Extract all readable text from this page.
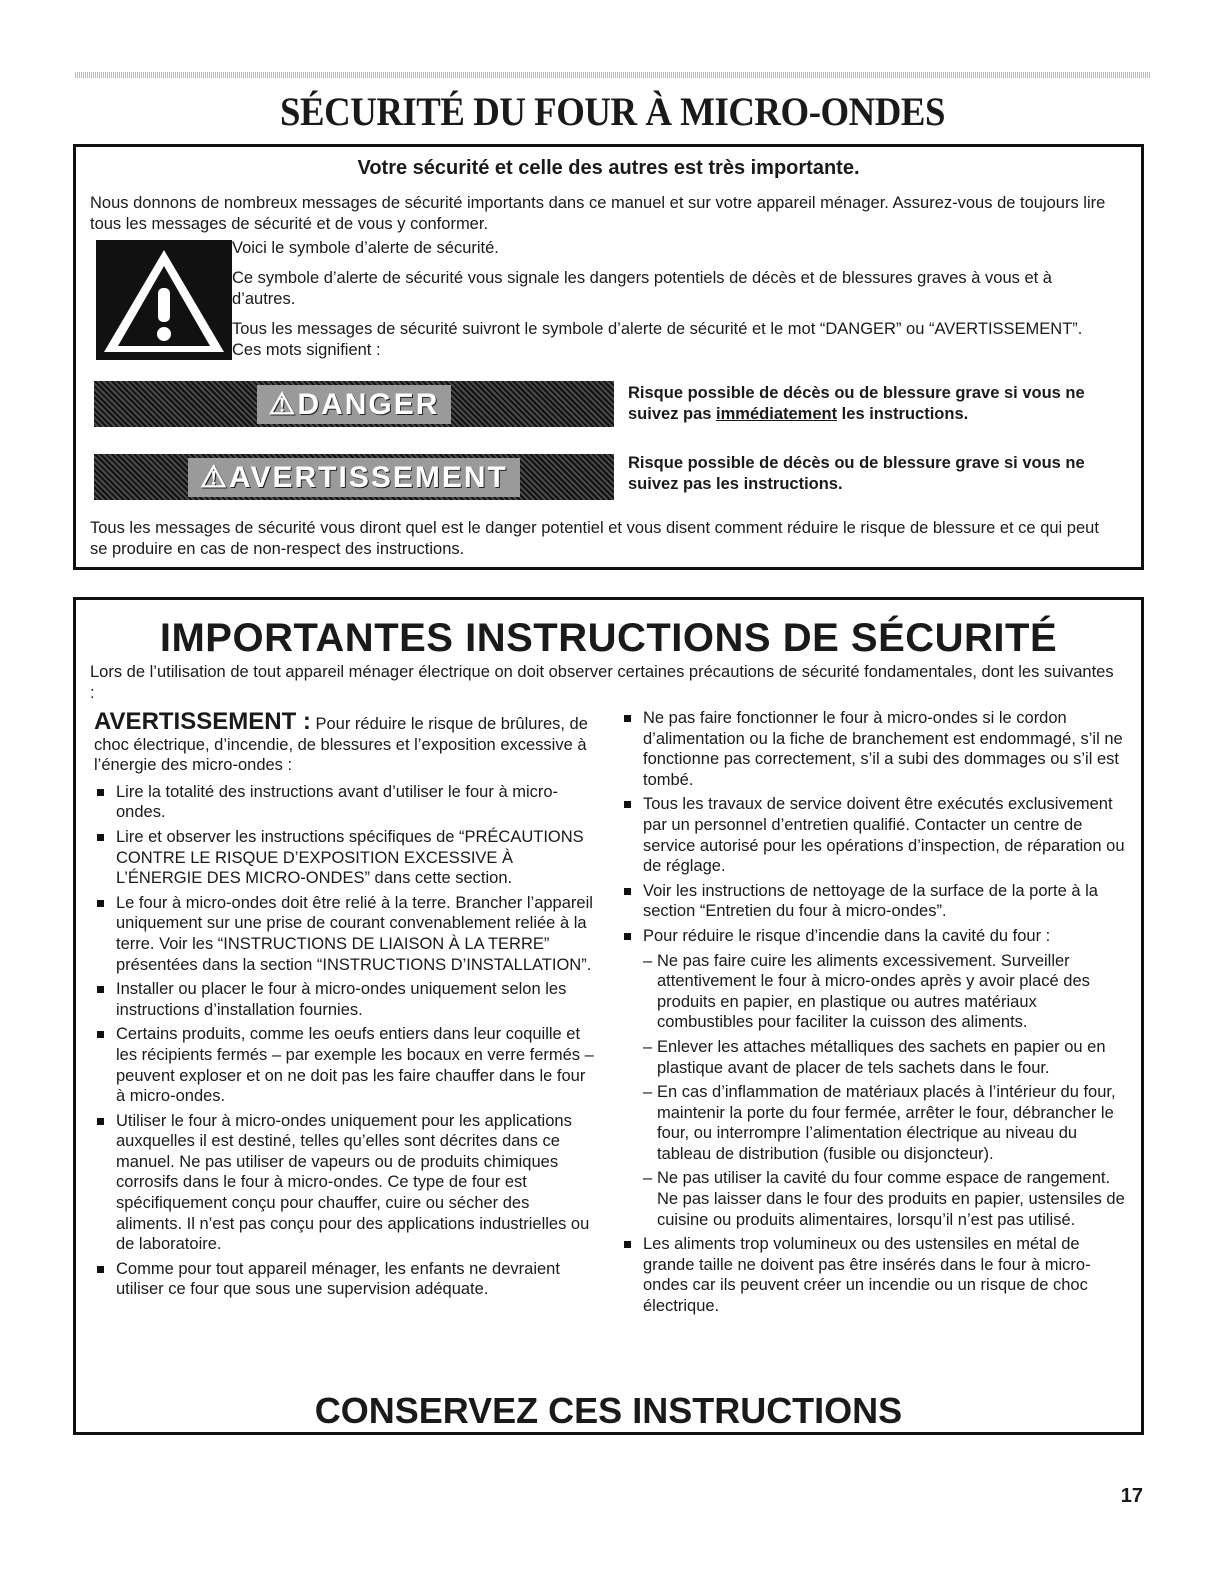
SÉCURITÉ DU FOUR À MICRO-ONDES
Votre sécurité et celle des autres est très importante.
Nous donnons de nombreux messages de sécurité importants dans ce manuel et sur votre appareil ménager. Assurez-vous de toujours lire tous les messages de sécurité et de vous y conformer.
Voici le symbole d’alerte de sécurité.
Ce symbole d’alerte de sécurité vous signale les dangers potentiels de décès et de blessures graves à vous et à d’autres.
Tous les messages de sécurité suivront le symbole d’alerte de sécurité et le mot “DANGER” ou “AVERTISSEMENT”. Ces mots signifient :
⚠DANGER	Risque possible de décès ou de blessure grave si vous ne suivez pas immédiatement les instructions.
⚠AVERTISSEMENT	Risque possible de décès ou de blessure grave si vous ne suivez pas les instructions.
Tous les messages de sécurité vous diront quel est le danger potentiel et vous disent comment réduire le risque de blessure et ce qui peut se produire en cas de non-respect des instructions.
IMPORTANTES INSTRUCTIONS DE SÉCURITÉ
Lors de l’utilisation de tout appareil ménager électrique on doit observer certaines précautions de sécurité fondamentales, dont les suivantes :
AVERTISSEMENT : Pour réduire le risque de brûlures, de choc électrique, d’incendie, de blessures et l’exposition excessive à l’énergie des micro-ondes :
Lire la totalité des instructions avant d’utiliser le four à micro-ondes.
Lire et observer les instructions spécifiques de “PRÉCAUTIONS CONTRE LE RISQUE D’EXPOSITION EXCESSIVE À L’ÉNERGIE DES MICRO-ONDES” dans cette section.
Le four à micro-ondes doit être relié à la terre. Brancher l’appareil uniquement sur une prise de courant convenablement reliée à la terre. Voir les “INSTRUCTIONS DE LIAISON À LA TERRE” présentées dans la section “INSTRUCTIONS D’INSTALLATION”.
Installer ou placer le four à micro-ondes uniquement selon les instructions d’installation fournies.
Certains produits, comme les oeufs entiers dans leur coquille et les récipients fermés – par exemple les bocaux en verre fermés – peuvent exploser et on ne doit pas les faire chauffer dans le four à micro-ondes.
Utiliser le four à micro-ondes uniquement pour les applications auxquelles il est destiné, telles qu’elles sont décrites dans ce manuel. Ne pas utiliser de vapeurs ou de produits chimiques corrosifs dans le four à micro-ondes. Ce type de four est spécifiquement conçu pour chauffer, cuire ou sécher des aliments. Il n’est pas conçu pour des applications industrielles ou de laboratoire.
Comme pour tout appareil ménager, les enfants ne devraient utiliser ce four que sous une supervision adéquate.
Ne pas faire fonctionner le four à micro-ondes si le cordon d’alimentation ou la fiche de branchement est endommagé, s’il ne fonctionne pas correctement, s’il a subi des dommages ou s’il est tombé.
Tous les travaux de service doivent être exécutés exclusivement par un personnel d’entretien qualifié. Contacter un centre de service autorisé pour les opérations d’inspection, de réparation ou de réglage.
Voir les instructions de nettoyage de la surface de la porte à la section “Entretien du four à micro-ondes”.
Pour réduire le risque d’incendie dans la cavité du four :
– Ne pas faire cuire les aliments excessivement. Surveiller attentivement le four à micro-ondes après y avoir placé des produits en papier, en plastique ou autres matériaux combustibles pour faciliter la cuisson des aliments.
– Enlever les attaches métalliques des sachets en papier ou en plastique avant de placer de tels sachets dans le four.
– En cas d’inflammation de matériaux placés à l’intérieur du four, maintenir la porte du four fermée, arrêter le four, débrancher le four, ou interrompre l’alimentation électrique au niveau du tableau de distribution (fusible ou disjoncteur).
– Ne pas utiliser la cavité du four comme espace de rangement. Ne pas laisser dans le four des produits en papier, ustensiles de cuisine ou produits alimentaires, lorsqu’il n’est pas utilisé.
Les aliments trop volumineux ou des ustensiles en métal de grande taille ne doivent pas être insérés dans le four à micro-ondes car ils peuvent créer un incendie ou un risque de choc électrique.
CONSERVEZ CES INSTRUCTIONS
17
